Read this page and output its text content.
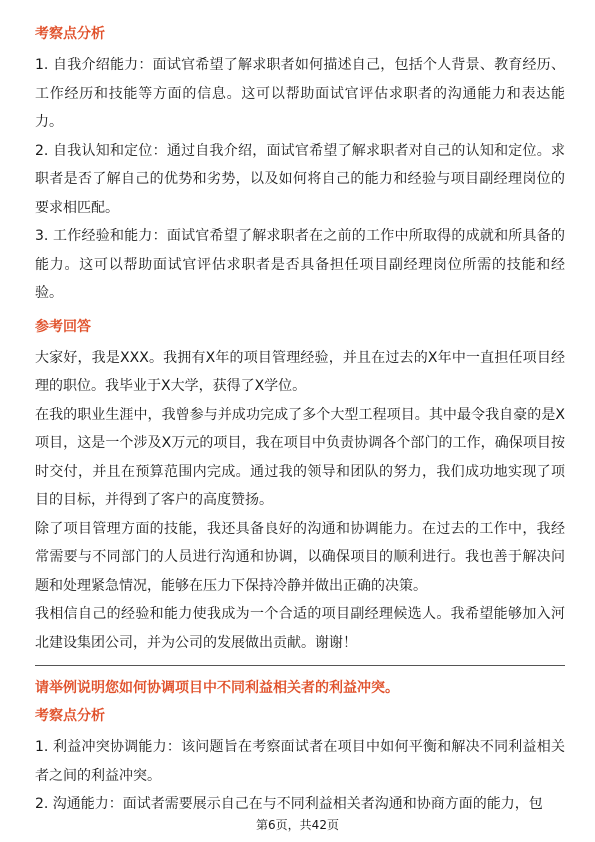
考察点分析

1. 自我介绍能力：面试官希望了解求职者如何描述自己，包括个人背景、教育经历、工作经历和技能等方面的信息。这可以帮助面试官评估求职者的沟通能力和表达能力。

2. 自我认知和定位：通过自我介绍，面试官希望了解求职者对自己的认知和定位。求职者是否了解自己的优势和劣势，以及如何将自己的能力和经验与项目副经理岗位的要求相匹配。

3. 工作经验和能力：面试官希望了解求职者在之前的工作中所取得的成就和所具备的能力。这可以帮助面试官评估求职者是否具备担任项目副经理岗位所需的技能和经验。

参考回答

大家好，我是XXX。我拥有X年的项目管理经验，并且在过去的X年中一直担任项目经理的职位。我毕业于X大学，获得了X学位。

在我的职业生涯中，我曾参与并成功完成了多个大型工程项目。其中最令我自豪的是X项目，这是一个涉及X万元的项目，我在项目中负责协调各个部门的工作，确保项目按时交付，并且在预算范围内完成。通过我的领导和团队的努力，我们成功地实现了项目的目标，并得到了客户的高度赞扬。

除了项目管理方面的技能，我还具备良好的沟通和协调能力。在过去的工作中，我经常需要与不同部门的人员进行沟通和协调，以确保项目的顺利进行。我也善于解决问题和处理紧急情况，能够在压力下保持冷静并做出正确的决策。

我相信自己的经验和能力使我成为一个合适的项目副经理候选人。我希望能够加入河北建设集团公司，并为公司的发展做出贡献。谢谢！

请举例说明您如何协调项目中不同利益相关者的利益冲突。

考察点分析

1. 利益冲突协调能力：该问题旨在考察面试者在项目中如何平衡和解决不同利益相关者之间的利益冲突。

2. 沟通能力：面试者需要展示自己在与不同利益相关者沟通和协商方面的能力，包

第6页，共42页
